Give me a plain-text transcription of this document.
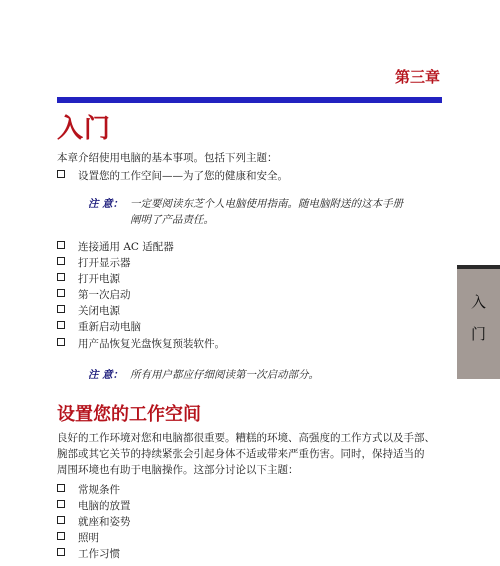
第三章
入门
本章介绍使用电脑的基本事项。包括下列主题：
设置您的工作空间——为了您的健康和安全。
注 意： 一定要阅读东芝个人电脑使用指南。随电脑附送的这本手册
阐明了产品责任。
连接通用 AC 适配器
打开显示器
打开电源
第一次启动
关闭电源
重新启动电脑
用产品恢复光盘恢复预装软件。
注 意： 所有用户都应仔细阅读第一次启动部分。
设置您的工作空间
良好的工作环境对您和电脑都很重要。糟糕的环境、高强度的工作方式以及手部、
腕部或其它关节的持续紧张会引起身体不适或带来严重伤害。同时，保持适当的
周围环境也有助于电脑操作。这部分讨论以下主题：
常规条件
电脑的放置
就座和姿势
照明
工作习惯
入
门
